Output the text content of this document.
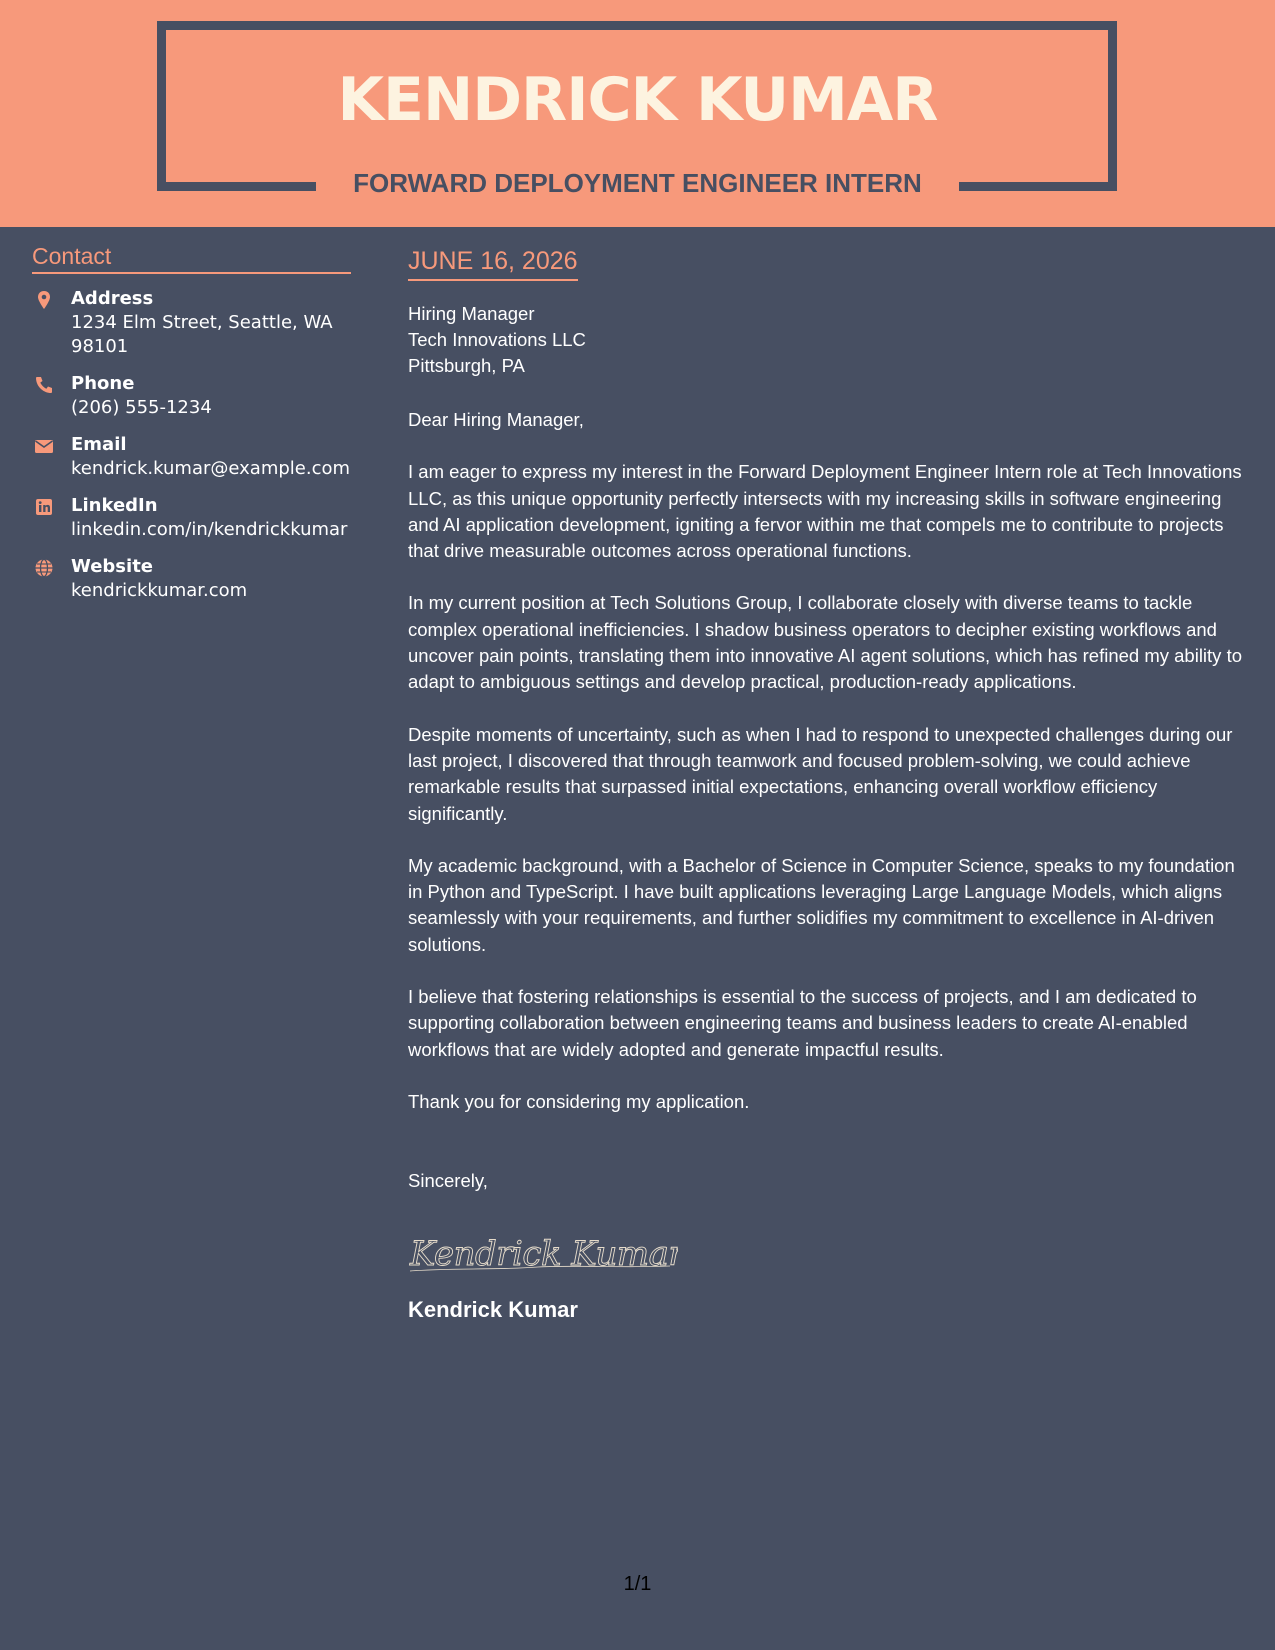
KENDRICK KUMAR
FORWARD DEPLOYMENT ENGINEER INTERN
Contact
Address
1234 Elm Street, Seattle, WA 98101
Phone
(206) 555-1234
Email
kendrick.kumar@example.com
LinkedIn
linkedin.com/in/kendrickkumar
Website
kendrickkumar.com
JUNE 16, 2026
Hiring Manager
Tech Innovations LLC
Pittsburgh, PA

Dear Hiring Manager,

I am eager to express my interest in the Forward Deployment Engineer Intern role at Tech Innovations LLC, as this unique opportunity perfectly intersects with my increasing skills in software engineering and AI application development, igniting a fervor within me that compels me to contribute to projects that drive measurable outcomes across operational functions.

In my current position at Tech Solutions Group, I collaborate closely with diverse teams to tackle complex operational inefficiencies. I shadow business operators to decipher existing workflows and uncover pain points, translating them into innovative AI agent solutions, which has refined my ability to adapt to ambiguous settings and develop practical, production-ready applications.

Despite moments of uncertainty, such as when I had to respond to unexpected challenges during our last project, I discovered that through teamwork and focused problem-solving, we could achieve remarkable results that surpassed initial expectations, enhancing overall workflow efficiency significantly.

My academic background, with a Bachelor of Science in Computer Science, speaks to my foundation in Python and TypeScript. I have built applications leveraging Large Language Models, which aligns seamlessly with your requirements, and further solidifies my commitment to excellence in AI-driven solutions.

I believe that fostering relationships is essential to the success of projects, and I am dedicated to supporting collaboration between engineering teams and business leaders to create AI-enabled workflows that are widely adopted and generate impactful results.

Thank you for considering my application.

Sincerely,

Kendrick Kumar
Kendrick Kumar
1/1
